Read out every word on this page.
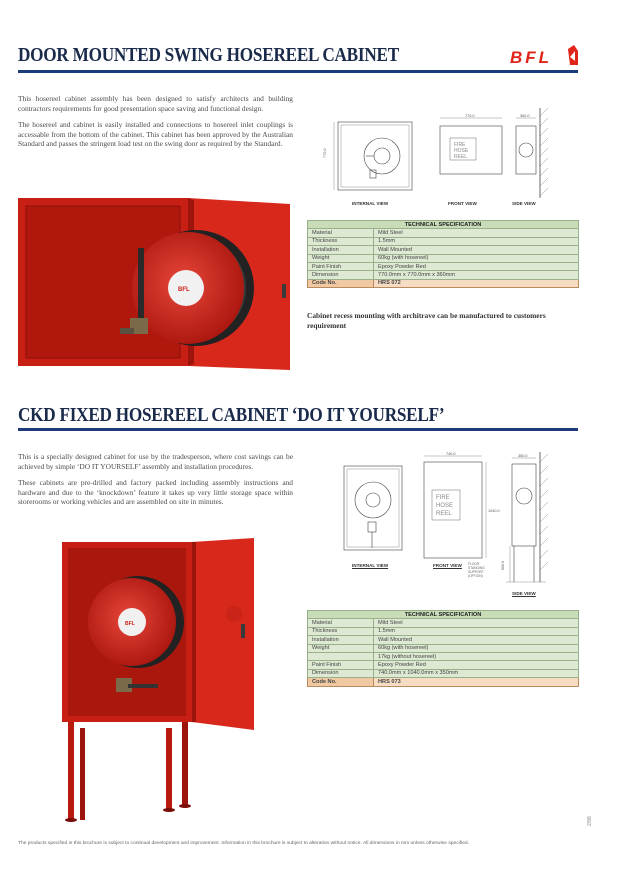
DOOR MOUNTED SWING HOSEREEL CABINET	BFL

This hosereel cabinet assembly has been designed to satisfy architects and building contractors requirements for good presentation space saving and functional design.

The hosereel and cabinet is easily installed and connections to hosereel inlet couplings is accessable from the bottom of the cabinet. This cabinet has been approved by the Australian Standard and passes the stringent load test on the swing door as required by the Standard.

BFL
770.0
770.0
FIRE
HOSE
REEL
360.0
INTERNAL VIEW	FRONT VIEW	SIDE VIEW
TECHNICAL SPECIFICATION	
Material	Mild Steel
Thickness	1.5mm
Installation	Wall Mounted
Weight	60kg (with hosereel)
Paint Finish	Epoxy Powder Red
Dimension	770.0mm x 770.0mm x 360mm
Code No.	HRS 072
Cabinet recess mounting with architrave can be manufactured to customers requirement
CKD FIXED HOSEREEL CABINET ‘DO IT YOURSELF’

This is a specially designed cabinet for use by the tradesperson, where cost savings can be achieved by simple ‘DO IT YOURSELF’ assembly and installation procedures.

These cabinets are pre-drilled and factory packed including assembly instructions and hardware and due to the ‘knockdown’ feature it takes up very little storage space within storerooms or working vehicles and are assembled on site in minutes.

BFL
740.0
1040.0
FIRE
HOSE
REEL
350.0
600.0
INTERNAL VIEW	FRONT VIEW FLOOR STANDING SUPPORT (OPTION)
SIDE VIEW
TECHNICAL SPECIFICATION	
Material	Mild Steel
Thickness	1.5mm
Installation	Wall Mounted
Weight	60kg (with hosereel)
	17kg (without hosereel)
Paint Finish	Epoxy Powder Red
Dimension	740.0mm x 1040.0mm x 350mm
Code No.	HRS 073
The products specified in this brochure is subject to continual development and improvement. Information in this brochure is subject to alteration without notice. All dimensions in mm unless otherwise specified.
2/98
